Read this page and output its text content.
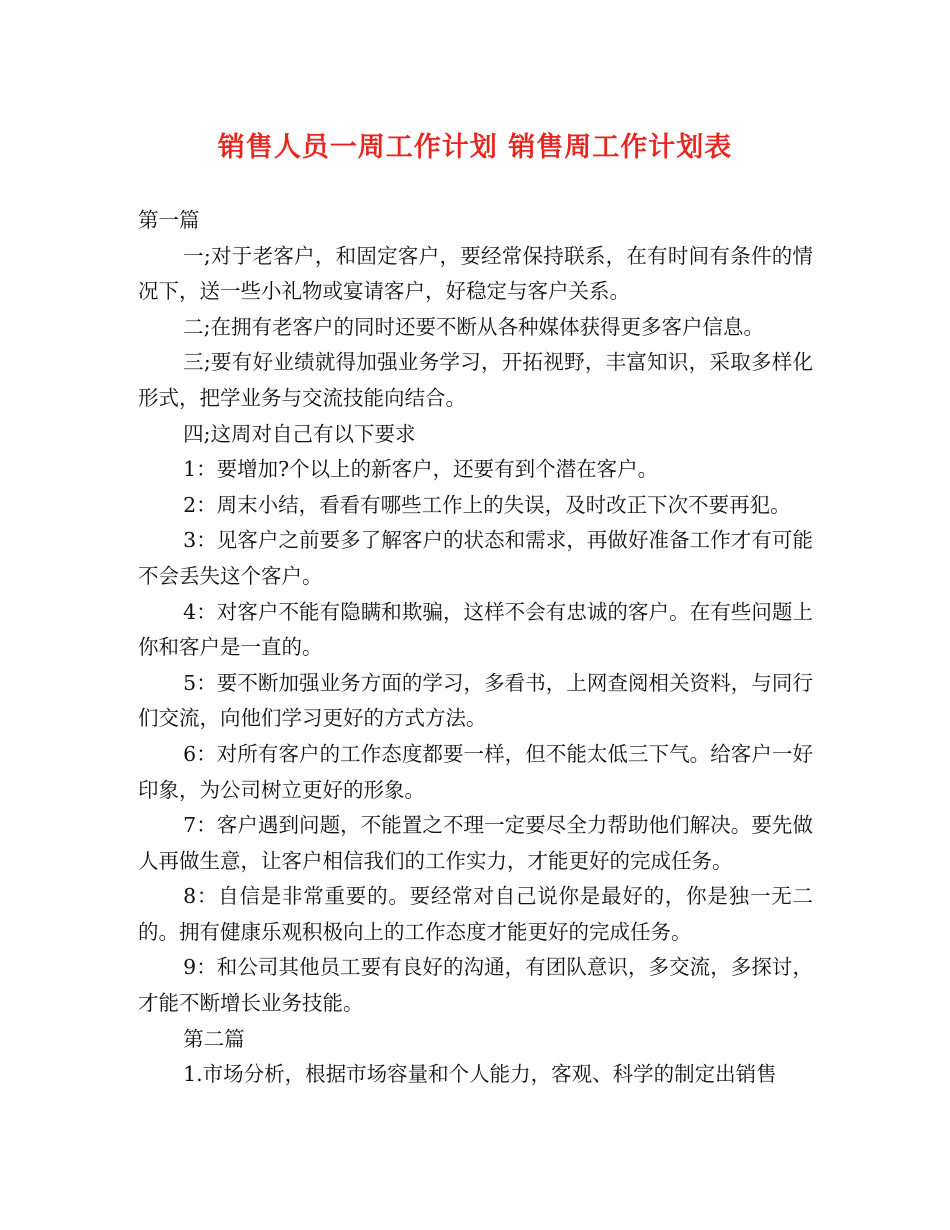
销售人员一周工作计划 销售周工作计划表

第一篇

一;对于老客户，和固定客户，要经常保持联系，在有时间有条件的情况下，送一些小礼物或宴请客户，好稳定与客户关系。

二;在拥有老客户的同时还要不断从各种媒体获得更多客户信息。

三;要有好业绩就得加强业务学习，开拓视野，丰富知识，采取多样化形式，把学业务与交流技能向结合。

四;这周对自己有以下要求

1：要增加?个以上的新客户，还要有到个潜在客户。

2：周末小结，看看有哪些工作上的失误，及时改正下次不要再犯。

3：见客户之前要多了解客户的状态和需求，再做好准备工作才有可能不会丢失这个客户。

4：对客户不能有隐瞒和欺骗，这样不会有忠诚的客户。在有些问题上你和客户是一直的。

5：要不断加强业务方面的学习，多看书，上网查阅相关资料，与同行们交流，向他们学习更好的方式方法。

6：对所有客户的工作态度都要一样，但不能太低三下气。给客户一好印象，为公司树立更好的形象。

7：客户遇到问题，不能置之不理一定要尽全力帮助他们解决。要先做人再做生意，让客户相信我们的工作实力，才能更好的完成任务。

8：自信是非常重要的。要经常对自己说你是最好的，你是独一无二的。拥有健康乐观积极向上的工作态度才能更好的完成任务。

9：和公司其他员工要有良好的沟通，有团队意识，多交流，多探讨，才能不断增长业务技能。

第二篇

1.市场分析，根据市场容量和个人能力，客观、科学的制定出销售
